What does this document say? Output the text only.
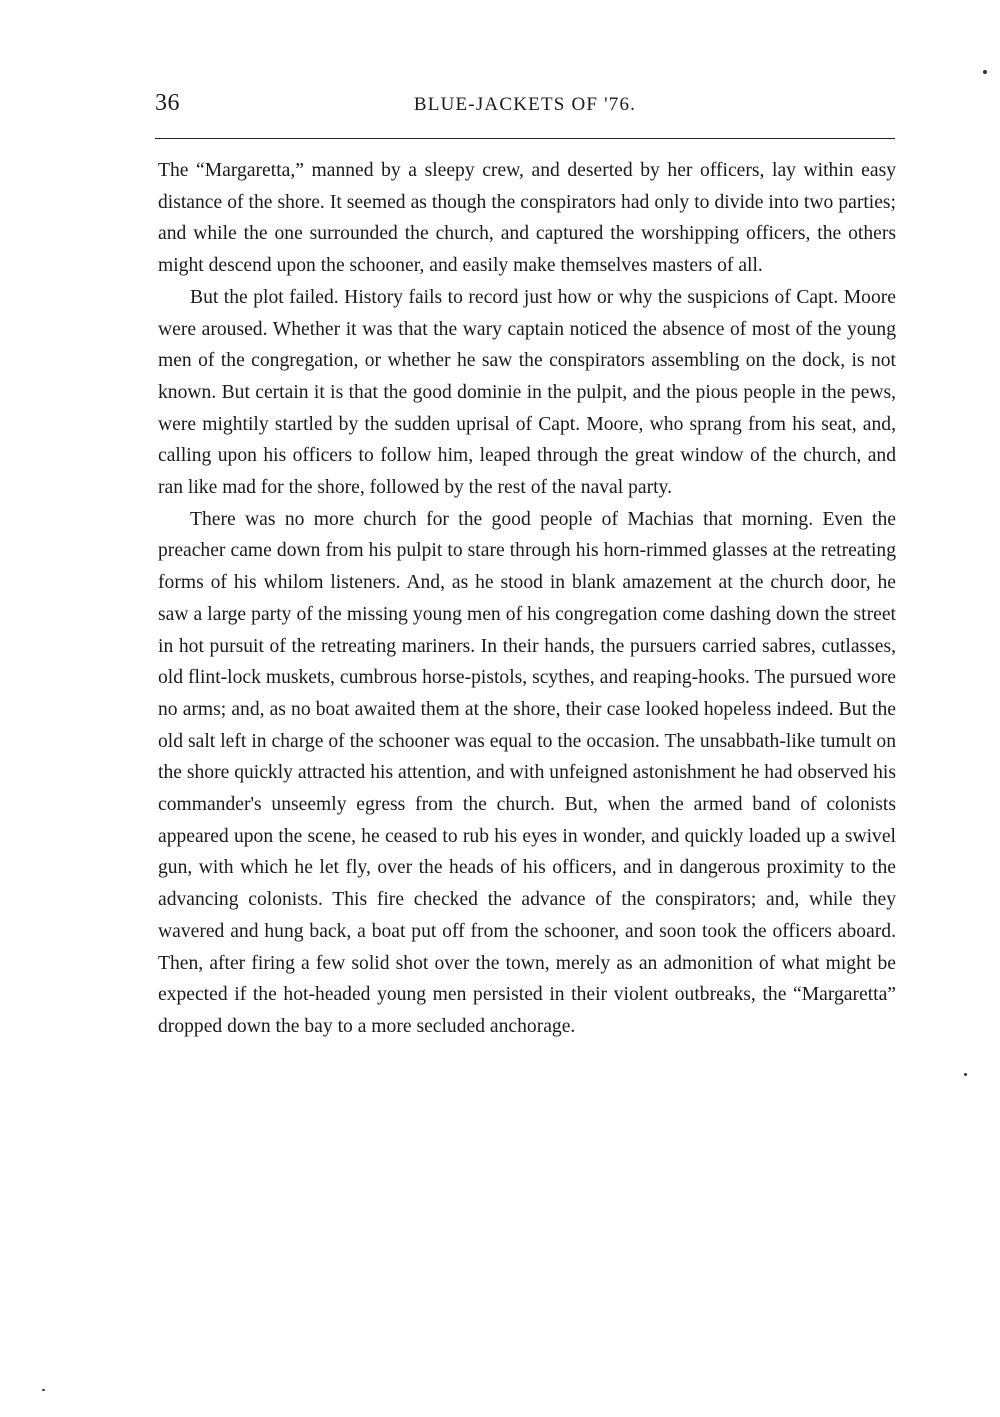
36	BLUE-JACKETS OF '76.

The “Margaretta,” manned by a sleepy crew, and deserted by her officers, lay within easy distance of the shore. It seemed as though the conspirators had only to divide into two parties; and while the one surrounded the church, and captured the worshipping officers, the others might descend upon the schooner, and easily make themselves masters of all.

But the plot failed. History fails to record just how or why the suspicions of Capt. Moore were aroused. Whether it was that the wary captain noticed the absence of most of the young men of the congregation, or whether he saw the conspirators assembling on the dock, is not known. But certain it is that the good dominie in the pulpit, and the pious people in the pews, were mightily startled by the sudden uprisal of Capt. Moore, who sprang from his seat, and, calling upon his officers to follow him, leaped through the great window of the church, and ran like mad for the shore, followed by the rest of the naval party.

There was no more church for the good people of Machias that morning. Even the preacher came down from his pulpit to stare through his horn-rimmed glasses at the retreating forms of his whilom listeners. And, as he stood in blank amazement at the church door, he saw a large party of the missing young men of his congregation come dashing down the street in hot pursuit of the retreating mariners. In their hands, the pursuers carried sabres, cutlasses, old flint-lock muskets, cumbrous horse-pistols, scythes, and reaping-hooks. The pursued wore no arms; and, as no boat awaited them at the shore, their case looked hopeless indeed. But the old salt left in charge of the schooner was equal to the occasion. The unsabbath-like tumult on the shore quickly attracted his attention, and with unfeigned astonishment he had observed his commander's unseemly egress from the church. But, when the armed band of colonists appeared upon the scene, he ceased to rub his eyes in wonder, and quickly loaded up a swivel gun, with which he let fly, over the heads of his officers, and in dangerous proximity to the advancing colonists. This fire checked the advance of the conspirators; and, while they wavered and hung back, a boat put off from the schooner, and soon took the officers aboard. Then, after firing a few solid shot over the town, merely as an admonition of what might be expected if the hot-headed young men persisted in their violent outbreaks, the “Margaretta” dropped down the bay to a more secluded anchorage.
